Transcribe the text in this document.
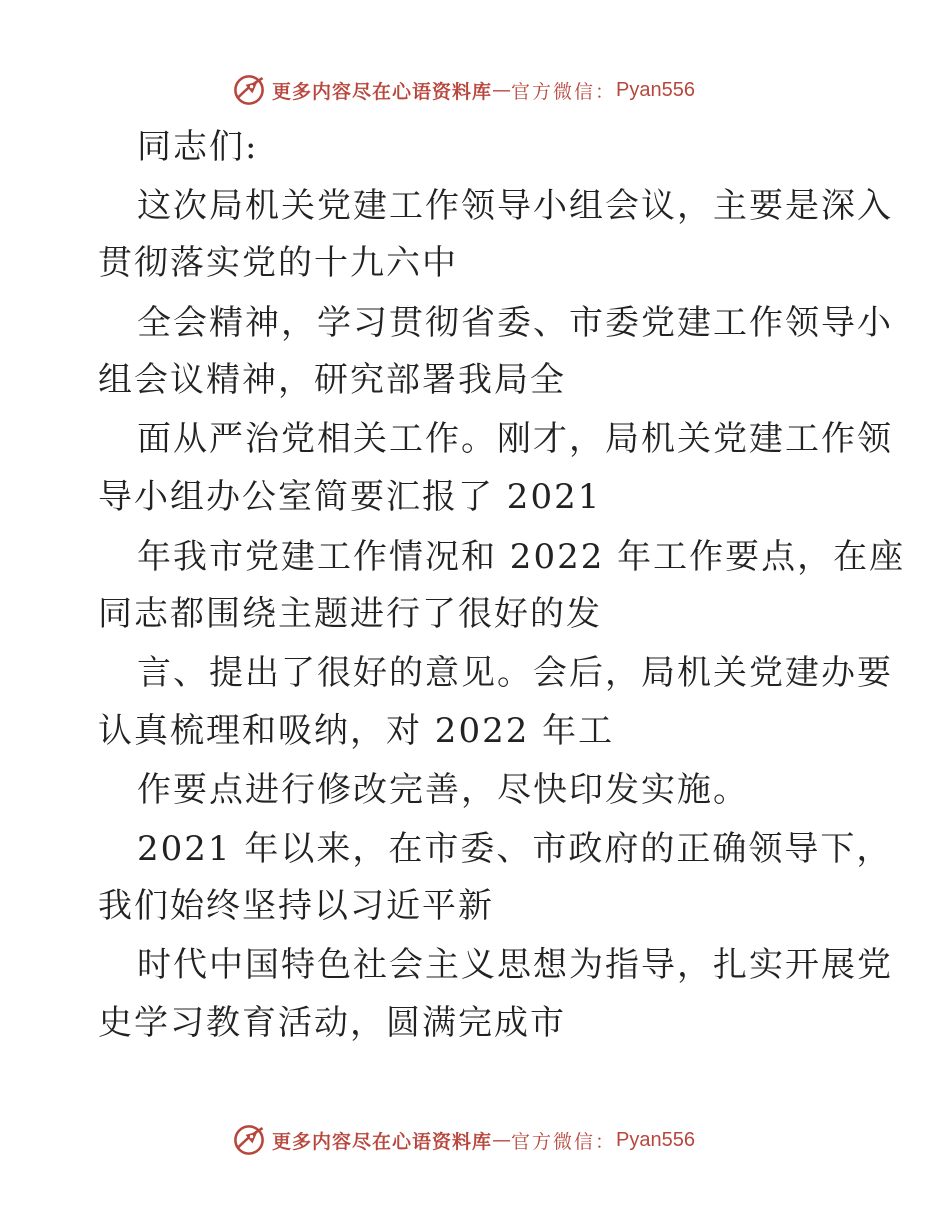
更多内容尽在心语资料库 — 官方微信： Pyan556
同志们:
这次局机关党建工作领导小组会议，主要是深入
贯彻落实党的十九六中
全会精神，学习贯彻省委、市委党建工作领导小
组会议精神，研究部署我局全
面从严治党相关工作。刚才，局机关党建工作领
导小组办公室简要汇报了 2021
年我市党建工作情况和 2022 年工作要点，在座
同志都围绕主题进行了很好的发
言、提出了很好的意见。会后，局机关党建办要
认真梳理和吸纳，对 2022 年工
作要点进行修改完善，尽快印发实施。
2021 年以来，在市委、市政府的正确领导下，
我们始终坚持以习近平新
时代中国特色社会主义思想为指导，扎实开展党
史学习教育活动，圆满完成市
更多内容尽在心语资料库 — 官方微信： Pyan556
